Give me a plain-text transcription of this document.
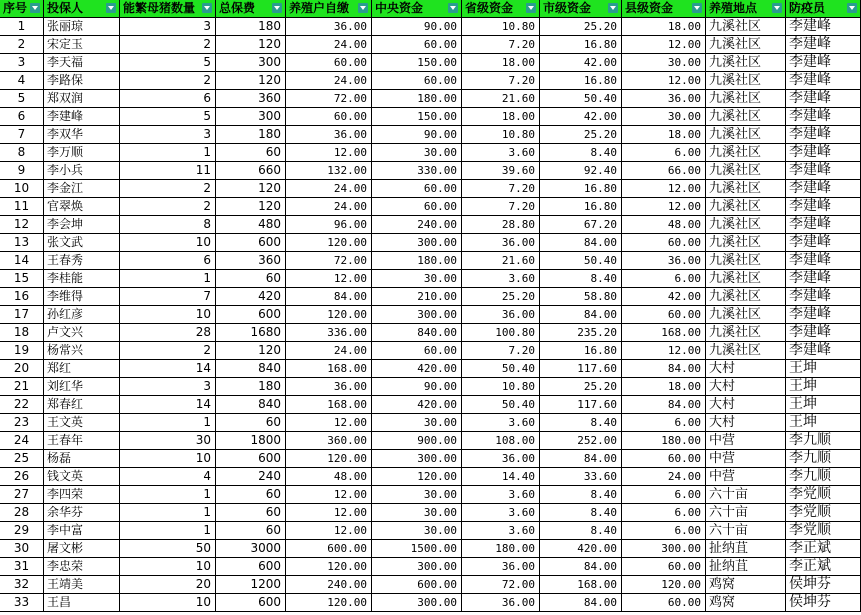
序号	投保人	能繁母猪数量	总保费	养殖户自缴	中央资金	省级资金	市级资金	县级资金	养殖地点	防疫员
1	张丽琼	3	180	36.00	90.00	10.80	25.20	18.00 九溪社区	李建峰
2	宋定玉	2	120	24.00	60.00	7.20	16.80	12.00 九溪社区	李建峰
3	李天福	5	300	60.00	150.00	18.00	42.00	30.00 九溪社区	李建峰
4	李路保	2	120	24.00	60.00	7.20	16.80	12.00 九溪社区	李建峰
5	郑双润	6	360	72.00	180.00	21.60	50.40	36.00 九溪社区	李建峰
6	李建峰	5	300	60.00	150.00	18.00	42.00	30.00 九溪社区	李建峰
7	李双华	3	180	36.00	90.00	10.80	25.20	18.00 九溪社区	李建峰
8	李万顺	1	60	12.00	30.00	3.60	8.40	6.00 九溪社区	李建峰
9	李小兵	11	660	132.00	330.00	39.60	92.40	66.00 九溪社区	李建峰
10	李金江	2	120	24.00	60.00	7.20	16.80	12.00 九溪社区	李建峰
11	官翠焕	2	120	24.00	60.00	7.20	16.80	12.00 九溪社区	李建峰
12	李会坤	8	480	96.00	240.00	28.80	67.20	48.00 九溪社区	李建峰
13	张文武	10	600	120.00	300.00	36.00	84.00	60.00 九溪社区	李建峰
14	王春秀	6	360	72.00	180.00	21.60	50.40	36.00 九溪社区	李建峰
15	李桂能	1	60	12.00	30.00	3.60	8.40	6.00 九溪社区	李建峰
16	李维得	7	420	84.00	210.00	25.20	58.80	42.00 九溪社区	李建峰
17	孙红彦	10	600	120.00	300.00	36.00	84.00	60.00 九溪社区	李建峰
18	卢文兴	28	1680	336.00	840.00	100.80	235.20	168.00 九溪社区	李建峰
19	杨常兴	2	120	24.00	60.00	7.20	16.80	12.00 九溪社区	李建峰
20	郑红	14	840	168.00	420.00	50.40	117.60	84.00 大村	王坤
21	刘红华	3	180	36.00	90.00	10.80	25.20	18.00 大村	王坤
22	郑春红	14	840	168.00	420.00	50.40	117.60	84.00 大村	王坤
23	王文英	1	60	12.00	30.00	3.60	8.40	6.00 大村	王坤
24	王春年	30	1800	360.00	900.00	108.00	252.00	180.00 中营	李九顺
25	杨磊	10	600	120.00	300.00	36.00	84.00	60.00 中营	李九顺
26	钱文英	4	240	48.00	120.00	14.40	33.60	24.00 中营	李九顺
27	李四荣	1	60	12.00	30.00	3.60	8.40	6.00 六十亩	李党顺
28	余华芬	1	60	12.00	30.00	3.60	8.40	6.00 六十亩	李党顺
29	李中富	1	60	12.00	30.00	3.60	8.40	6.00 六十亩	李党顺
30	屠文彬	50	3000	600.00	1500.00	180.00	420.00	300.00 扯纳苴	李正斌
31	李忠荣	10	600	120.00	300.00	36.00	84.00	60.00 扯纳苴	李正斌
32	王靖美	20	1200	240.00	600.00	72.00	168.00	120.00 鸡窝	侯坤芬
33	王昌	10	600	120.00	300.00	36.00	84.00	60.00 鸡窝	侯坤芬
